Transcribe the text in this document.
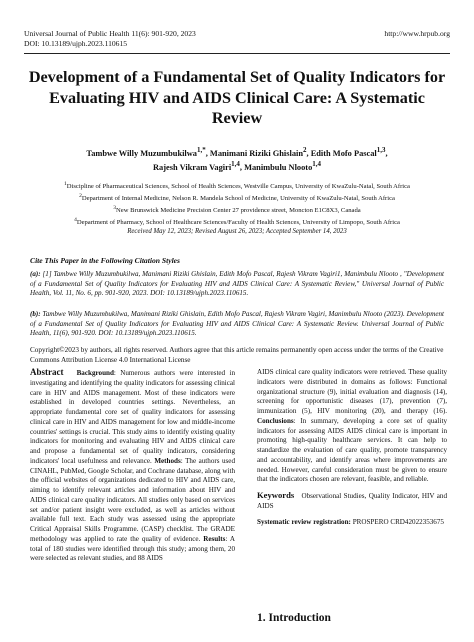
Universal Journal of Public Health 11(6): 901-920, 2023
DOI: 10.13189/ujph.2023.110615
http://www.hrpub.org
Development of a Fundamental Set of Quality Indicators for Evaluating HIV and AIDS Clinical Care: A Systematic Review
Tambwe Willy Muzumbukilwa$^{1,*}$, Manimani Riziki Ghislain$^2$, Edith Mofo Pascal$^{1,3}$,
Rajesh Vikram Vagiri$^{1,4}$, Manimbulu Nlooto$^{1,4}$
$^1$Discipline of Pharmaceutical Sciences, School of Health Sciences, Westville Campus, University of KwaZulu-Natal, South Africa
$^2$Department of Internal Medicine, Nelson R. Mandela School of Medicine, University of KwaZulu-Natal, South Africa
$^3$New Brunswick Medicine Precision Center 27 providence street, Moncton E1C8X3, Canada
$^4$Department of Pharmacy, School of Healthcare Sciences/Faculty of Health Sciences, University of Limpopo, South Africa
Received May 12, 2023; Revised August 26, 2023; Accepted September 14, 2023
Cite This Paper in the Following Citation Styles
(a): [1] Tambwe Willy Muzumbukilwa, Manimani Riziki Ghislain, Edith Mofo Pascal, Rajesh Vikram Vagiri1, Manimbulu Nlooto , "Development of a Fundamental Set of Quality Indicators for Evaluating HIV and AIDS Clinical Care: A Systematic Review," Universal Journal of Public Health, Vol. 11, No. 6, pp. 901-920, 2023. DOI: 10.13189/ujph.2023.110615.
(b): Tambwe Willy Muzumbukilwa, Manimani Riziki Ghislain, Edith Mofo Pascal, Rajesh Vikram Vagiri, Manimbulu Nlooto (2023). Development of a Fundamental Set of Quality Indicators for Evaluating HIV and AIDS Clinical Care: A Systematic Review. Universal Journal of Public Health, 11(6), 901-920. DOI: 10.13189/ujph.2023.110615.
Copyright©2023 by authors, all rights reserved. Authors agree that this article remains permanently open access under the terms of the Creative Commons Attribution License 4.0 International License
Abstract Background: Numerous authors were interested in investigating and identifying the quality indicators for assessing clinical care in HIV and AIDS management. Most of these indicators were established in developed countries settings. Nevertheless, an appropriate fundamental core set of quality indicators for assessing clinical care in HIV and AIDS management for low and middle-income countries' settings is crucial. This study aims to identify existing quality indicators for monitoring and evaluating HIV and AIDS clinical care and propose a fundamental set of quality indicators, considering indicators' local usefulness and relevance. Methods: The authors used CINAHL, PubMed, Google Scholar, and Cochrane database, along with the official websites of organizations dedicated to HIV and AIDS care, aiming to identify relevant articles and information about HIV and AIDS clinical care quality indicators. All studies only based on services set and/or patient insight were excluded, as well as articles without available full text. Each study was assessed using the appropriate Critical Appraisal Skills Programme. (CASP) checklist. The GRADE methodology was applied to rate the quality of evidence. Results: A total of 180 studies were identified through this study; among them, 20 were selected as relevant studies, and 88 AIDS
AIDS clinical care quality indicators were retrieved. These quality indicators were distributed in domains as follows: Functional organizational structure (9), initial evaluation and diagnosis (14), screening for opportunistic diseases (17), prevention (7), immunization (5), HIV monitoring (20), and therapy (16). Conclusions: In summary, developing a core set of quality indicators for assessing AIDS AIDS clinical care is important in promoting high-quality healthcare services. It can help to standardize the evaluation of care quality, promote transparency and accountability, and identify areas where improvements are needed. However, careful consideration must be given to ensure that the indicators chosen are relevant, feasible, and reliable.
Keywords Observational Studies, Quality Indicator, HIV and AIDS
Systematic review registration: PROSPERO CRD42022353675
1. Introduction
